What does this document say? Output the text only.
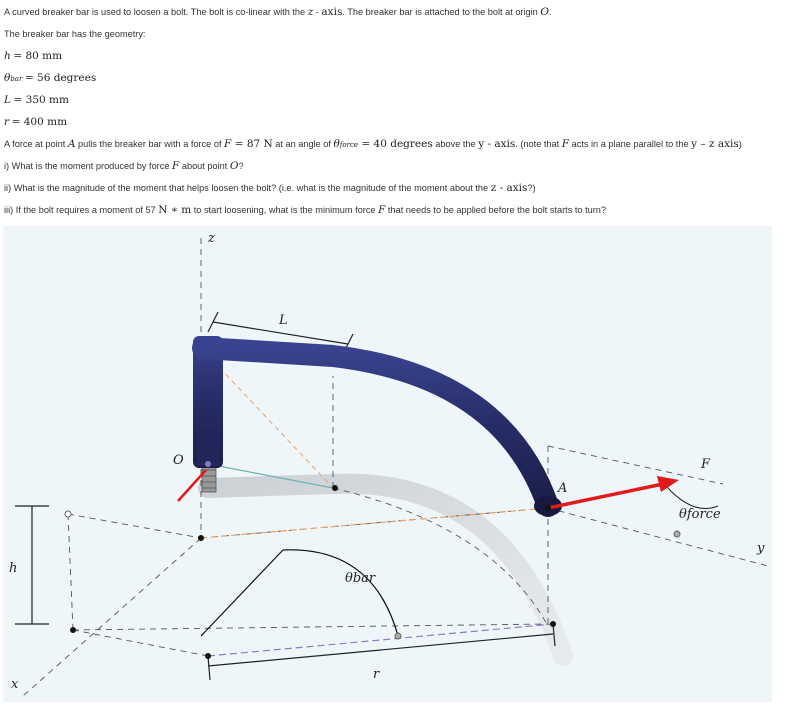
A curved breaker bar is used to loosen a bolt. The bolt is co-linear with the z - axis. The breaker bar is attached to the bolt at origin O.
The breaker bar has the geometry:
h = 80 mm
θbar = 56 degrees
L = 350 mm
r = 400 mm
A force at point A pulls the breaker bar with a force of F = 87 N at an angle of θforce = 40 degrees above the y - axis. (note that F acts in a plane parallel to the y – z axis)
i) What is the moment produced by force F about point O?
ii) What is the magnitude of the moment that helps loosen the bolt? (i.e. what is the magnitude of the moment about the z - axis?)
iii) If the bolt requires a moment of 57 N ∗ m to start loosening, what is the minimum force F that needs to be applied before the bolt starts to turn?
z
L
O
A
F
θforce
y
h
θbar
r
x
